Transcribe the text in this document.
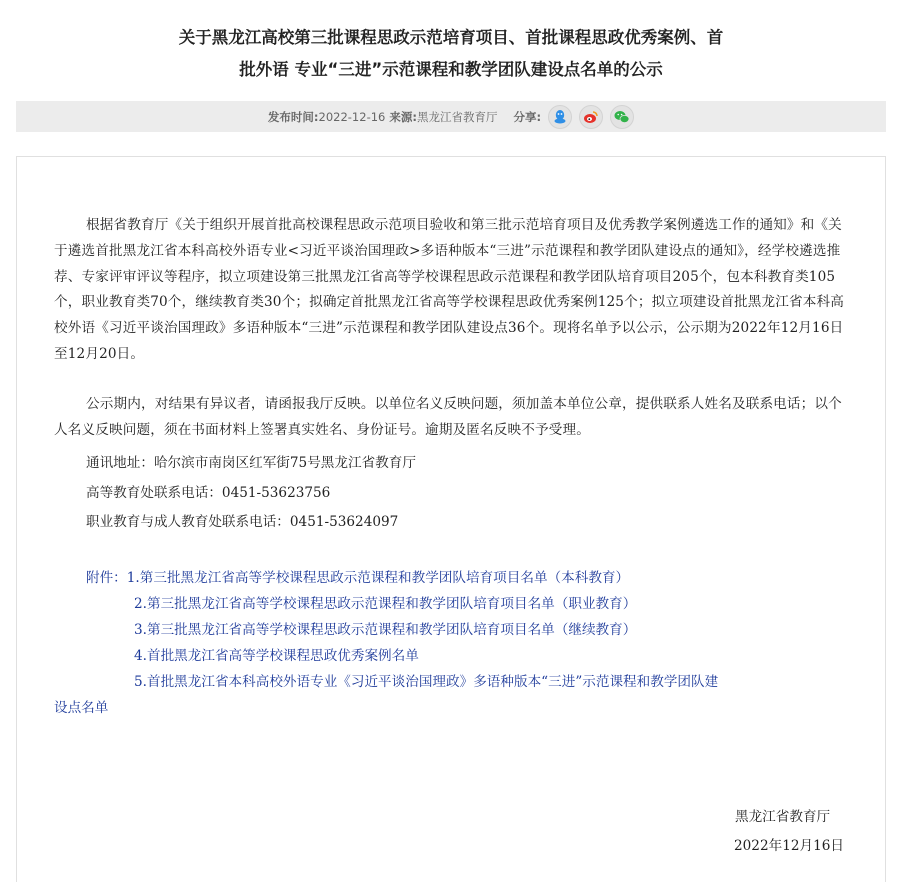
关于黑龙江高校第三批课程思政示范培育项目、首批课程思政优秀案例、首
批外语 专业“三进”示范课程和教学团队建设点名单的公示
发布时间: 2022-12-16 来源: 黑龙江省教育厅 分享:
根据省教育厅《关于组织开展首批高校课程思政示范项目验收和第三批示范培育项目及优秀教学案例遴选工作的通知》和《关于遴选首批黑龙江省本科高校外语专业<习近平谈治国理政>多语种版本“三进”示范课程和教学团队建设点的通知》，经学校遴选推荐、专家评审评议等程序，拟立项建设第三批黑龙江省高等学校课程思政示范课程和教学团队培育项目205个，包本科教育类105个，职业教育类70个，继续教育类30个；拟确定首批黑龙江省高等学校课程思政优秀案例125个；拟立项建设首批黑龙江省本科高校外语《习近平谈治国理政》多语种版本“三进”示范课程和教学团队建设点36个。现将名单予以公示，公示期为2022年12月16日至12月20日。
公示期内，对结果有异议者，请函报我厅反映。以单位名义反映问题，须加盖本单位公章，提供联系人姓名及联系电话；以个人名义反映问题，须在书面材料上签署真实姓名、身份证号。逾期及匿名反映不予受理。
通讯地址：哈尔滨市南岗区红军街75号黑龙江省教育厅
高等教育处联系电话：0451-53623756
职业教育与成人教育处联系电话：0451-53624097
附件：1.第三批黑龙江省高等学校课程思政示范课程和教学团队培育项目名单（本科教育）
2.第三批黑龙江省高等学校课程思政示范课程和教学团队培育项目名单（职业教育）
3.第三批黑龙江省高等学校课程思政示范课程和教学团队培育项目名单（继续教育）
4.首批黑龙江省高等学校课程思政优秀案例名单
5.首批黑龙江省本科高校外语专业《习近平谈治国理政》多语种版本“三进”示范课程和教学团队建
设点名单
黑龙江省教育厅
2022年12月16日
